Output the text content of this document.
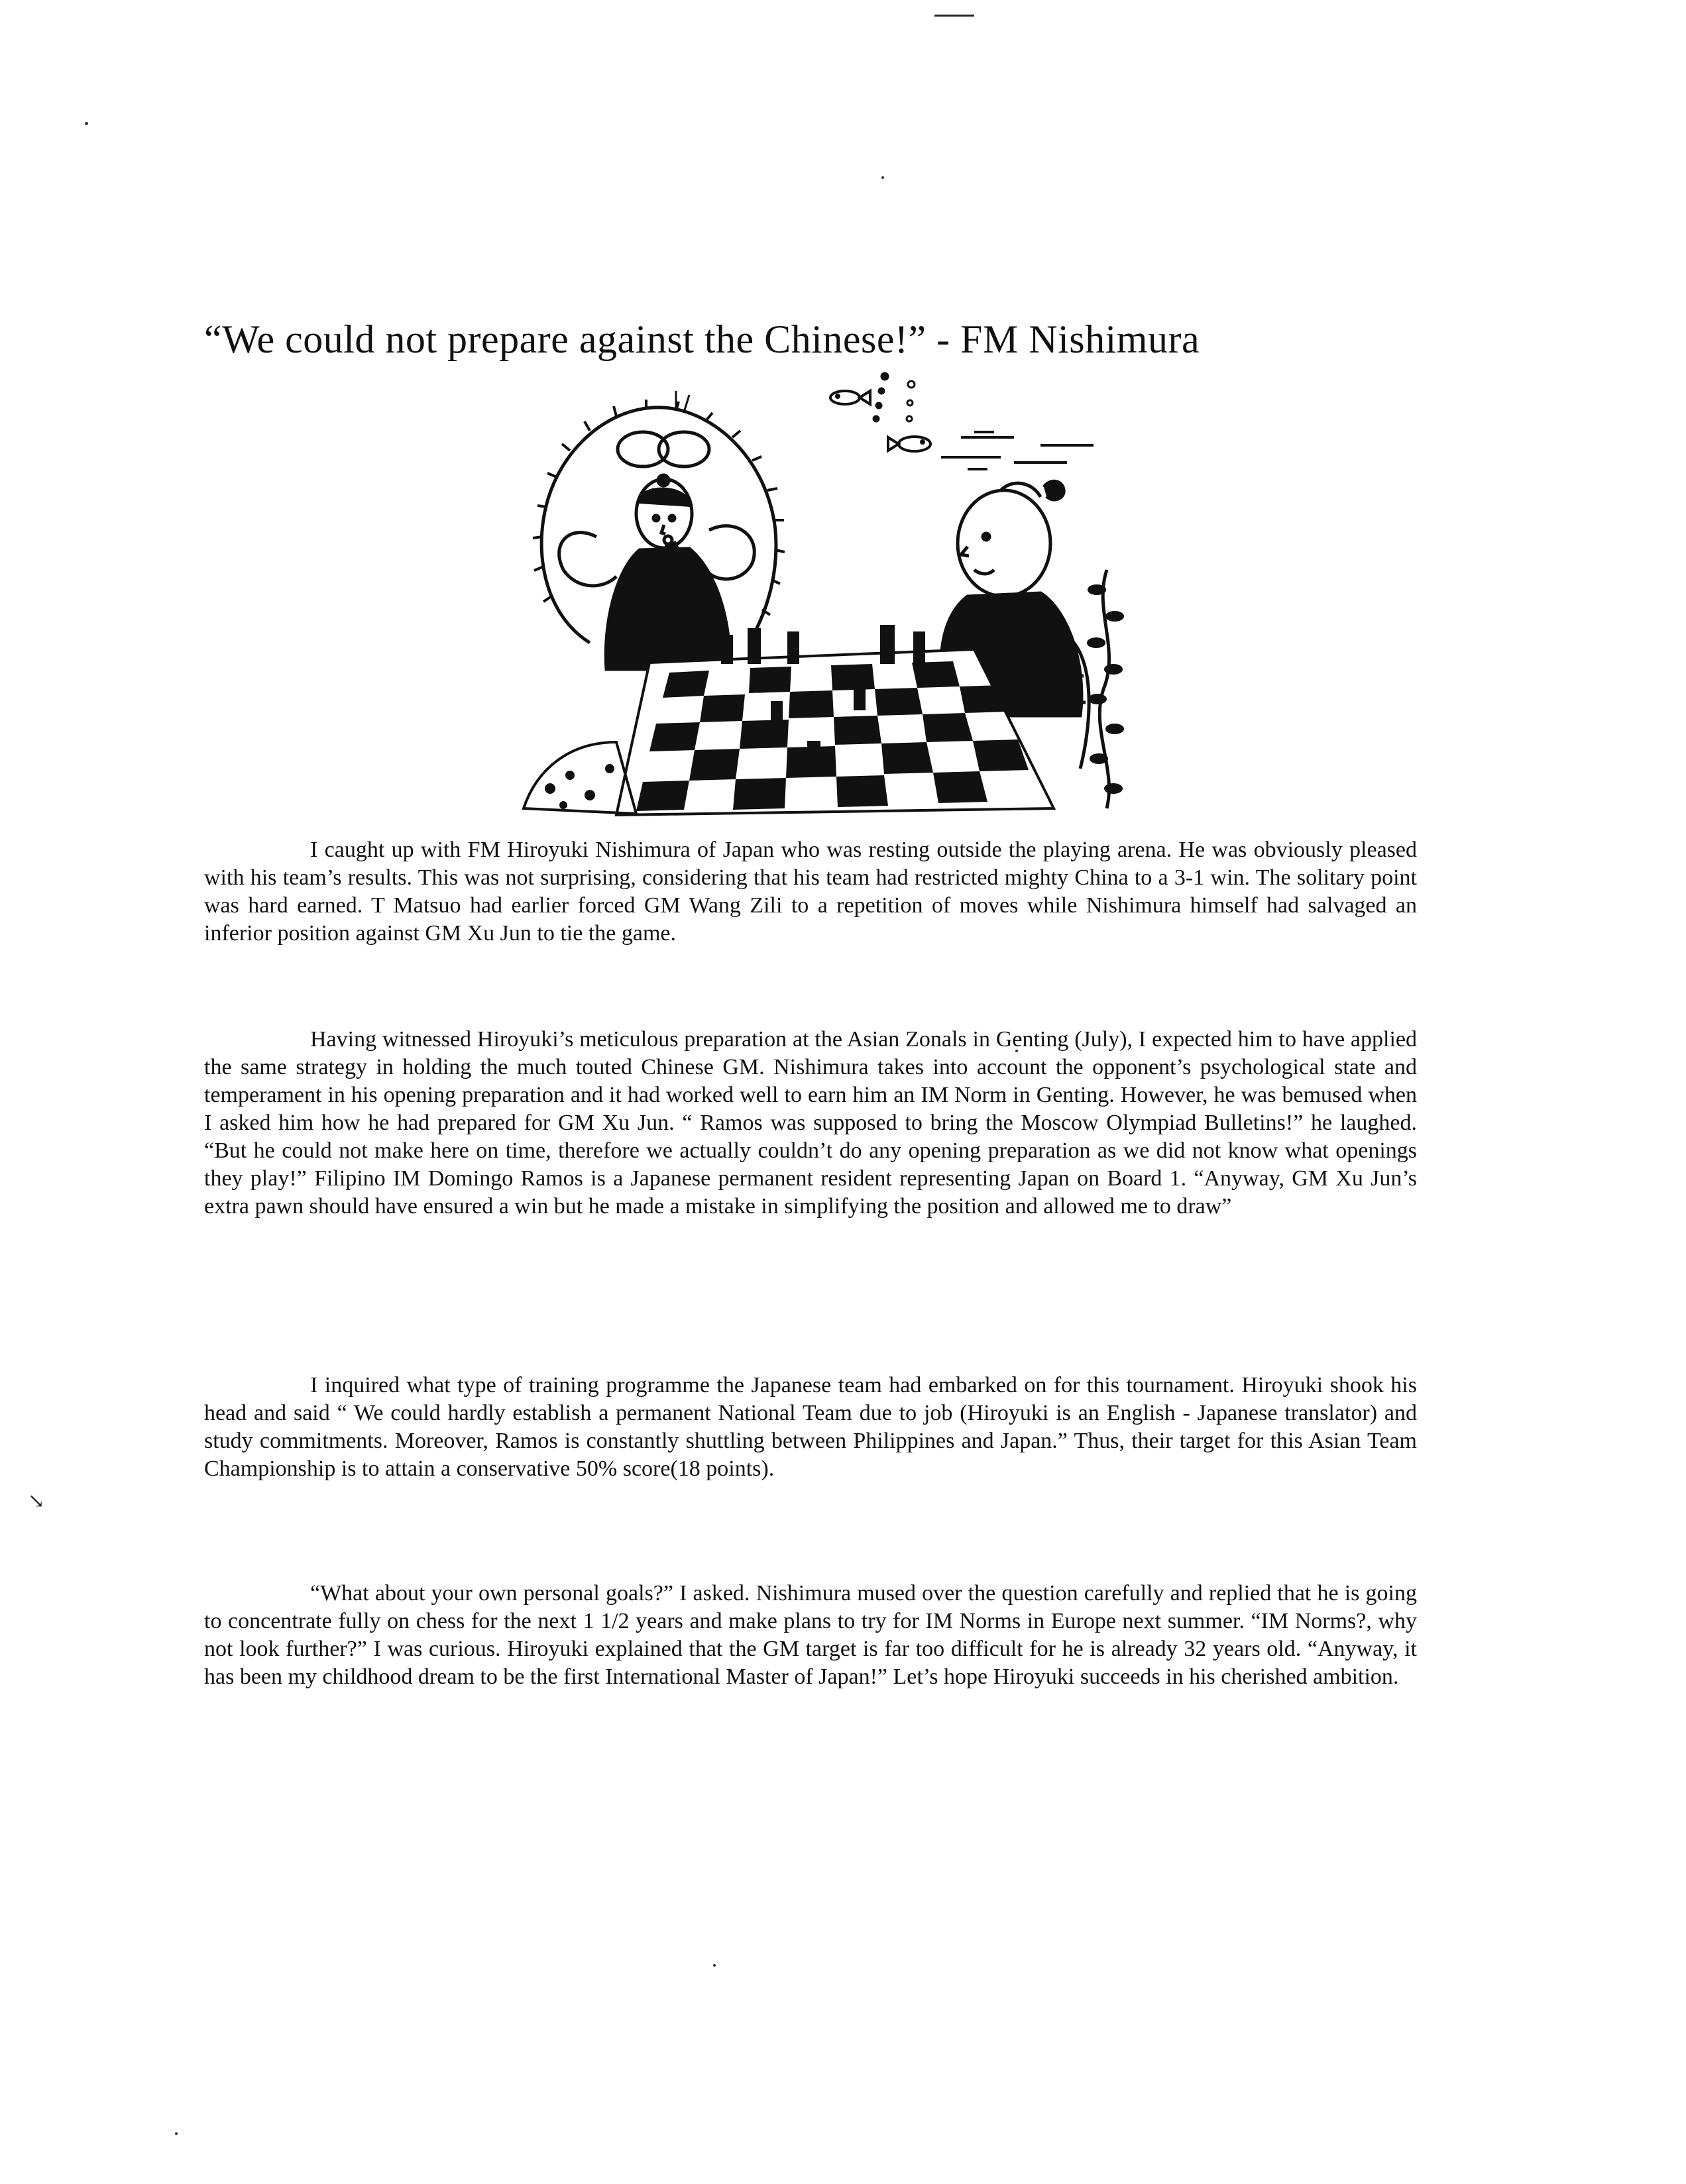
↘
“We could not prepare against the Chinese!” - FM Nishimura

I caught up with FM Hiroyuki Nishimura of Japan who was resting outside the playing arena. He was obviously pleased with his team’s results. This was not surprising, considering that his team had restricted mighty China to a 3-1 win. The solitary point was hard earned. T Matsuo had earlier forced GM Wang Zili to a repetition of moves while Nishimura himself had salvaged an inferior position against GM Xu Jun to tie the game.

Having witnessed Hiroyuki’s meticulous preparation at the Asian Zonals in Genting (July), I expected him to have applied the same strategy in holding the much touted Chinese GM. Nishimura takes into account the opponent’s psychological state and temperament in his opening preparation and it had worked well to earn him an IM Norm in Genting. However, he was bemused when I asked him how he had prepared for GM Xu Jun. “ Ramos was supposed to bring the Moscow Olympiad Bulletins!” he laughed. “But he could not make here on time, therefore we actually couldn’t do any opening preparation as we did not know what openings they play!” Filipino IM Domingo Ramos is a Japanese permanent resident representing Japan on Board 1. “Anyway, GM Xu Jun’s extra pawn should have ensured a win but he made a mistake in simplifying the position and allowed me to draw”

I inquired what type of training programme the Japanese team had embarked on for this tournament. Hiroyuki shook his head and said “ We could hardly establish a permanent National Team due to job (Hiroyuki is an English - Japanese translator) and study commitments. Moreover, Ramos is constantly shuttling between Philippines and Japan.” Thus, their target for this Asian Team Championship is to attain a conservative 50% score(18 points).

“What about your own personal goals?” I asked. Nishimura mused over the question carefully and replied that he is going to concentrate fully on chess for the next 1 1/2 years and make plans to try for IM Norms in Europe next summer. “IM Norms?, why not look further?” I was curious. Hiroyuki explained that the GM target is far too difficult for he is already 32 years old. “Anyway, it has been my childhood dream to be the first International Master of Japan!” Let’s hope Hiroyuki succeeds in his cherished ambition.
